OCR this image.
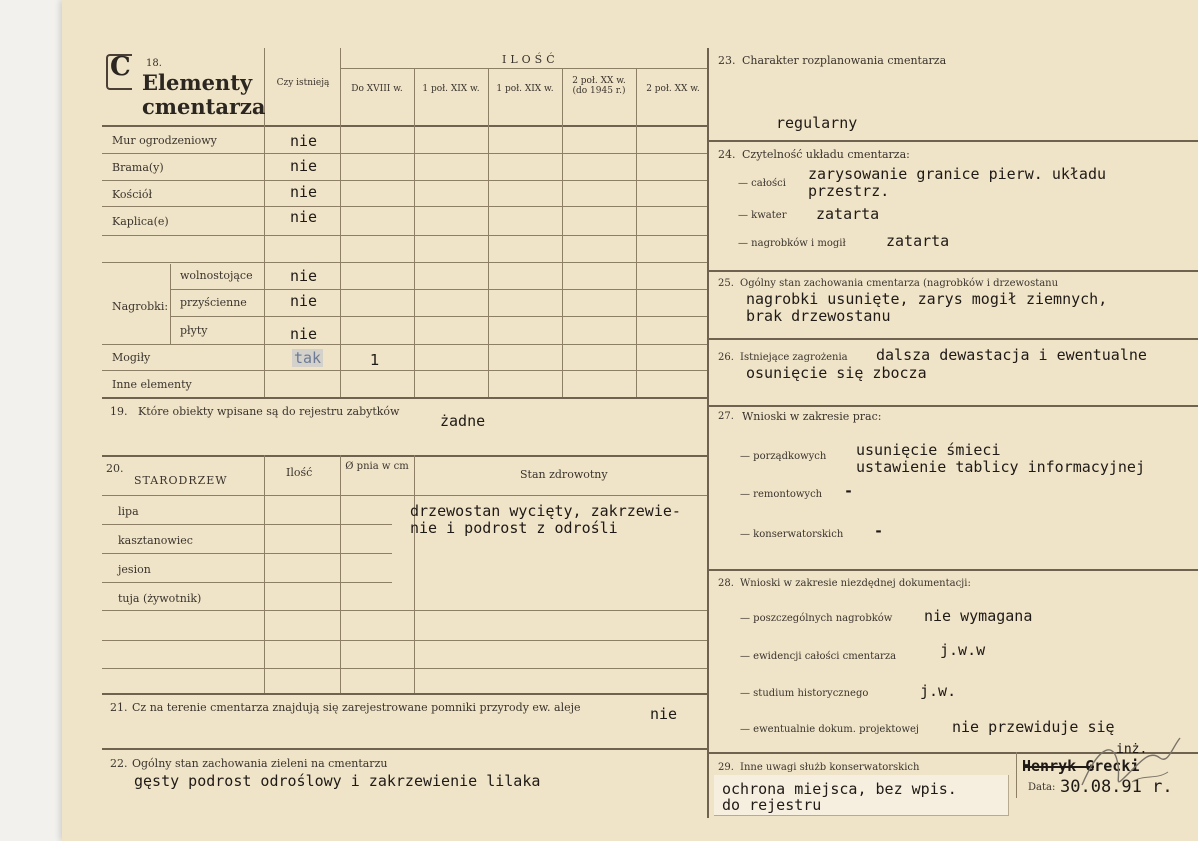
C 18.
Elementy
cmentarza
Czy istnieją
ILOŚĆ
Do XVIII w.	1 poł. XIX w.	1 poł. XIX w.
2 poł. XX w. (do 1945 r.)	2 poł. XX w.
Mur ogrodzeniowy	nie
Brama(y)	nie
Kościół	nie
Kaplica(e)	nie
Nagrobki:
wolnostojące nie
przyścienne	nie
płyty	nie
Mogiły	tak	1
Inne elementy
19. Które obiekty wpisane są do rejestru zabytków
żadne
20.
STARODRZEW
Ilość	Ø pnia w cm
Stan zdrowotny
lipa
kasztanowiec
jesion
tuja (żywotnik)
drzewostan wycięty, zakrzewie-
nie i podrost z odrośli
21. Cz na terenie cmentarza znajdują się zarejestrowane pomniki przyrody ew. aleje	nie
22. Ogólny stan zachowania zieleni na cmentarzu
gęsty podrost odroślowy i zakrzewienie lilaka
23. Charakter rozplanowania cmentarza
regularny
24. Czytelność układu cmentarza:
— całości
zarysowanie granice pierw. układu
przestrz.
— kwater zatarta
— nagrobków i mogił	zatarta
25. Ogólny stan zachowania cmentarza (nagrobków i drzewostanu
nagrobki usunięte, zarys mogił ziemnych,
brak drzewostanu
26. Istniejące zagrożenia dalsza dewastacja i ewentualne
osunięcie się zbocza
27. Wnioski w zakresie prac:
— porządkowych usunięcie śmieci
ustawienie tablicy informacyjnej
— remontowych -
— konserwatorskich -
28. Wnioski w zakresie niezdędnej dokumentacji:
— poszczególnych nagrobków nie wymagana
— ewidencji całości cmentarza	j.w.w
— studium historycznego	j.w.
— ewentualnie dokum. projektowej nie przewiduje się
29. Inne uwagi służb konserwatorskich
ochrona miejsca, bez wpis.
do rejestru
inż.
Henryk Grecki
Data: 30.08.91 r.
